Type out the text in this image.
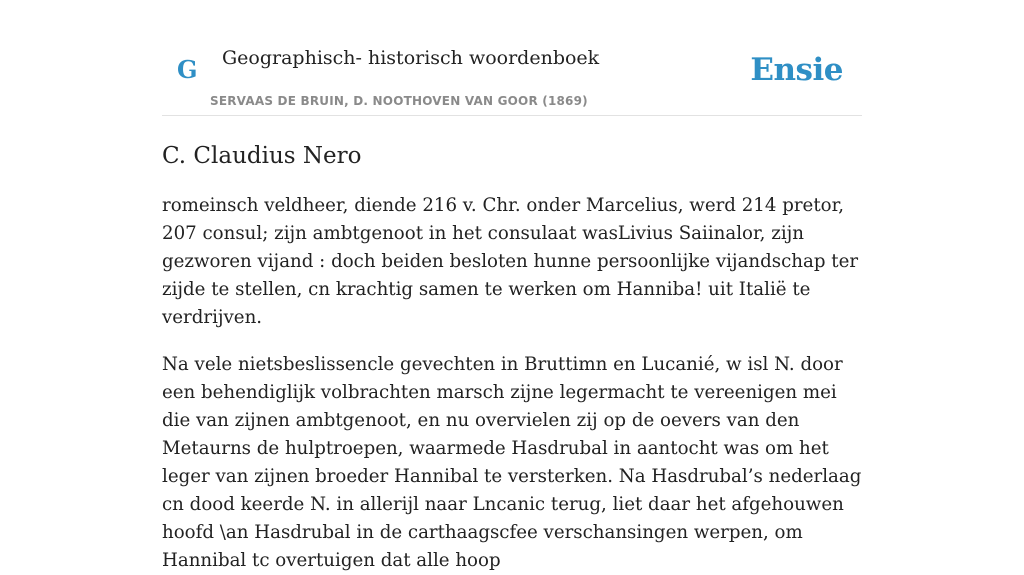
G Geographisch- historisch woordenboek
SERVAAS DE BRUIN, D. NOOTHOVEN VAN GOOR (1869)
Ensie
C. Claudius Nero

romeinsch veldheer, diende 216 v. Chr. onder Marcelius, werd 214 pretor, 207 consul; zijn ambtgenoot in het consulaat wasLivius Saiinalor, zijn gezworen vijand : doch beiden besloten hunne persoonlijke vijandschap ter zijde te stellen, cn krachtig samen te werken om Hanniba! uit Italië te verdrijven.

Na vele nietsbeslissencle gevechten in Bruttimn en Lucanié, w isl N. door een behendiglijk volbrachten marsch zijne legermacht te vereenigen mei die van zijnen ambtgenoot, en nu overvielen zij op de oevers van den Metaurns de hulptroepen, waarmede Hasdrubal in aantocht was om het leger van zijnen broeder Hannibal te versterken. Na Hasdrubal’s nederlaag cn dood keerde N. in allerijl naar Lncanic terug, liet daar het afgehouwen hoofd \an Hasdrubal in de carthaagscfee verschansingen werpen, om Hannibal tc overtuigen dat alle hoop
